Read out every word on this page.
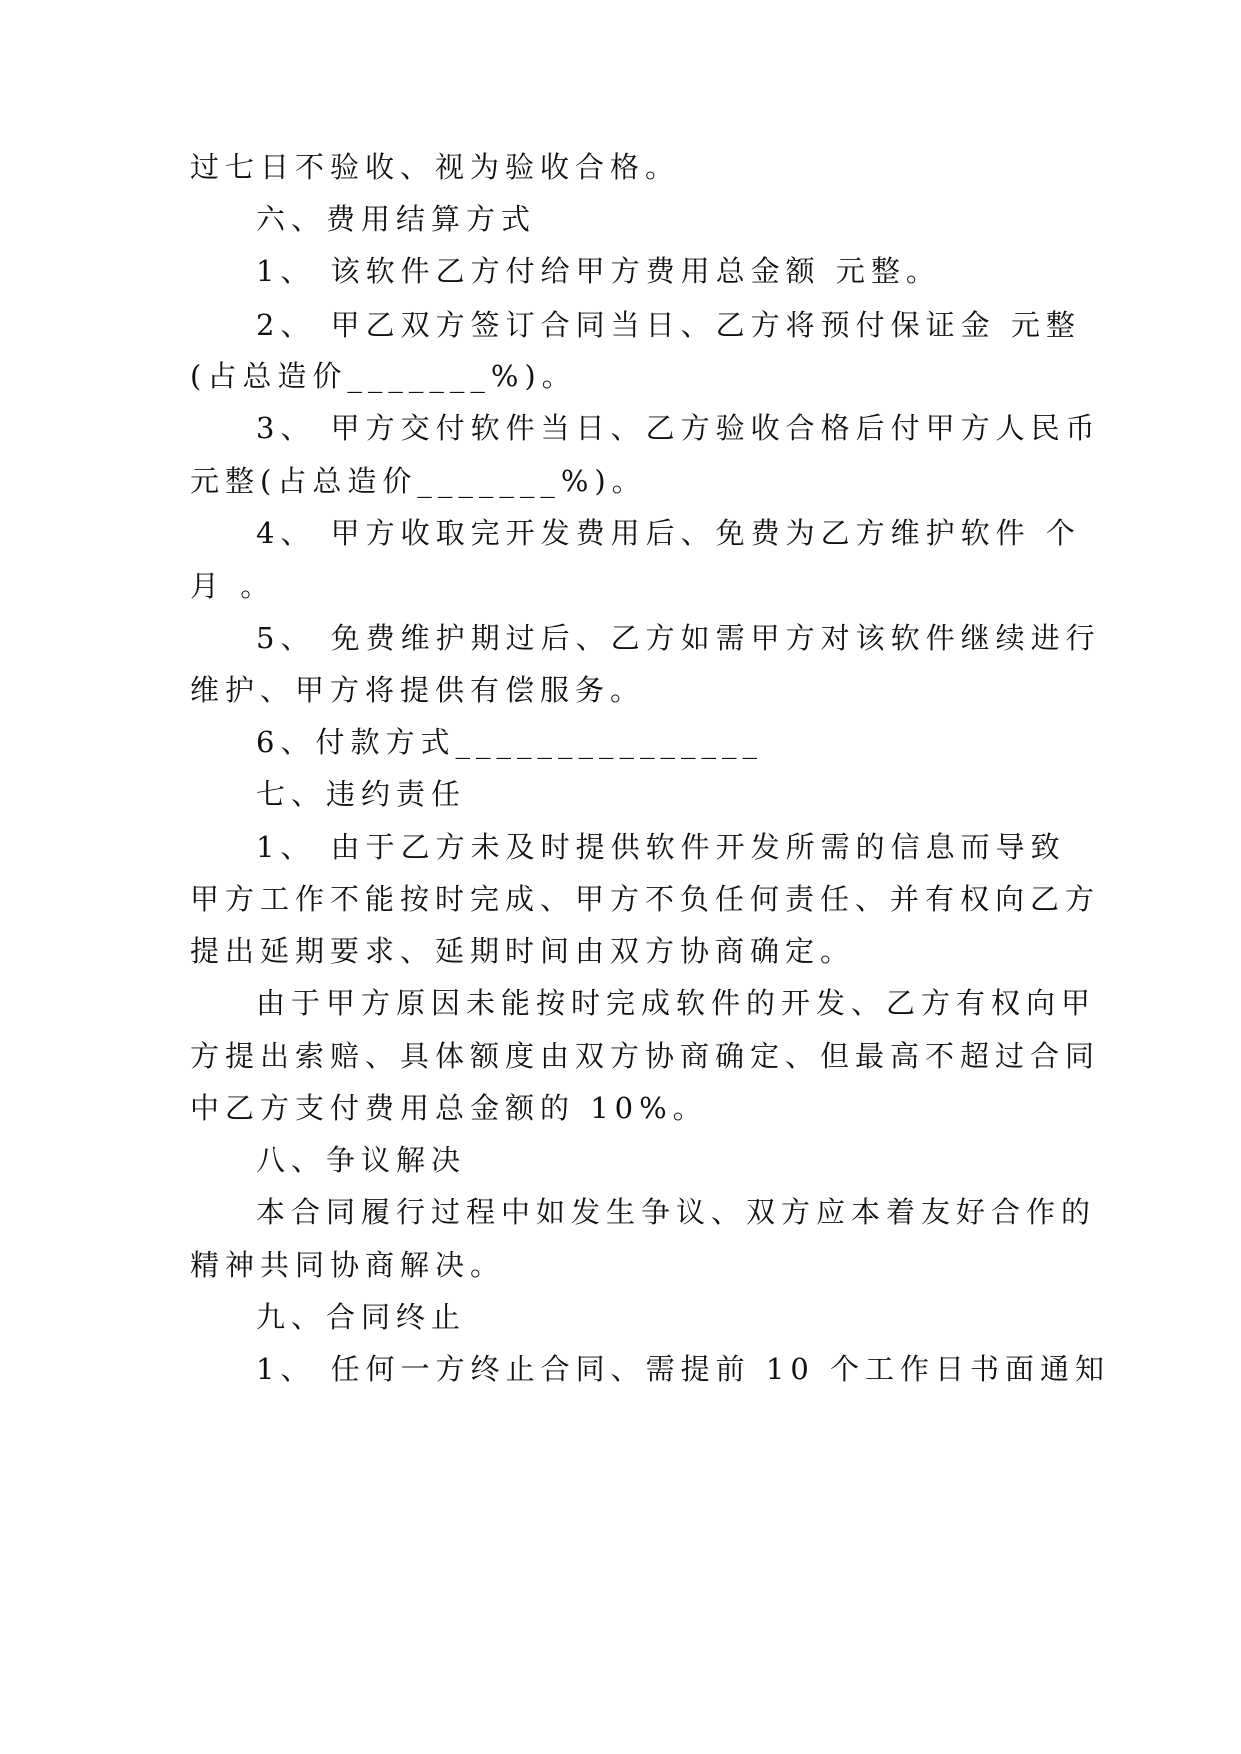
过七日不验收、视为验收合格。
六、费用结算方式
1、 该软件乙方付给甲方费用总金额 元整。
2、 甲乙双方签订合同当日、乙方将预付保证金 元整
(占总造价_______%)。
3、 甲方交付软件当日、乙方验收合格后付甲方人民币
元整(占总造价_______%)。
4、 甲方收取完开发费用后、免费为乙方维护软件 个
月 。
5、 免费维护期过后、乙方如需甲方对该软件继续进行
维护、甲方将提供有偿服务。
6、付款方式_______________
七、违约责任
1、 由于乙方未及时提供软件开发所需的信息而导致
甲方工作不能按时完成、甲方不负任何责任、并有权向乙方
提出延期要求、延期时间由双方协商确定。
由于甲方原因未能按时完成软件的开发、乙方有权向甲
方提出索赔、具体额度由双方协商确定、但最高不超过合同
中乙方支付费用总金额的 10%。
八、争议解决
本合同履行过程中如发生争议、双方应本着友好合作的
精神共同协商解决。
九、合同终止
1、 任何一方终止合同、需提前 10 个工作日书面通知
